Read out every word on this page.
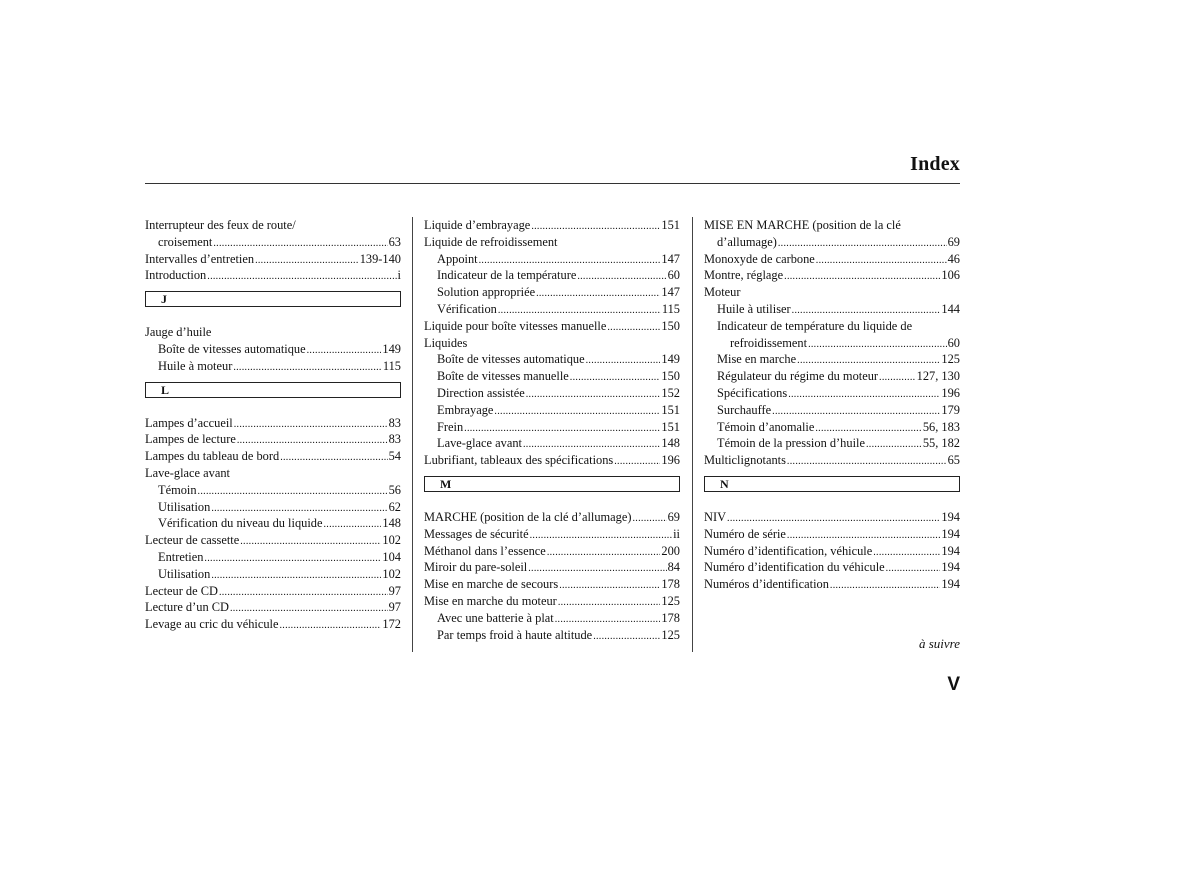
Index
Interrupteur des feux de route/
croisement .....	63
Intervalles d’entretien .....	139-140
Introduction .....	i
J
Jauge d’huile
Boîte de vitesses automatique .....	149
Huile à moteur .....	115
L
Lampes d’accueil .....	83
Lampes de lecture .....	83
Lampes du tableau de bord .....	54
Lave-glace avant
Témoin .....	56
Utilisation .....	62
Vérification du niveau du liquide .....	148
Lecteur de cassette .....	102
Entretien .....	104
Utilisation .....	102
Lecteur de CD .....	97
Lecture d’un CD .....	97
Levage au cric du véhicule .....	172
Liquide d’embrayage .....	151
Liquide de refroidissement
Appoint .....	147
Indicateur de la température .....	60
Solution appropriée .....	147
Vérification .....	115
Liquide pour boîte vitesses manuelle .....	150
Liquides
Boîte de vitesses automatique .....	149
Boîte de vitesses manuelle .....	150
Direction assistée .....	152
Embrayage .....	151
Frein .....	151
Lave-glace avant .....	148
Lubrifiant, tableaux des spécifications .....	196
M
MARCHE (position de la clé d’allumage) .....	69
Messages de sécurité .....	ii
Méthanol dans l’essence .....	200
Miroir du pare-soleil .....	84
Mise en marche de secours .....	178
Mise en marche du moteur .....	125
Avec une batterie à plat .....	178
Par temps froid à haute altitude .....	125
MISE EN MARCHE (position de la clé
d’allumage) .....	69
Monoxyde de carbone .....	46
Montre, réglage .....	106
Moteur
Huile à utiliser .....	144
Indicateur de température du liquide de
refroidissement .....	60
Mise en marche .....	125
Régulateur du régime du moteur .....	127, 130
Spécifications .....	196
Surchauffe .....	179
Témoin d’anomalie .....	56, 183
Témoin de la pression d’huile .....	55, 182
Multiclignotants .....	65
N
NIV .....	194
Numéro de série .....	194
Numéro d’identification, véhicule .....	194
Numéro d’identification du véhicule .....	194
Numéros d’identification .....	194
à suivre
V
